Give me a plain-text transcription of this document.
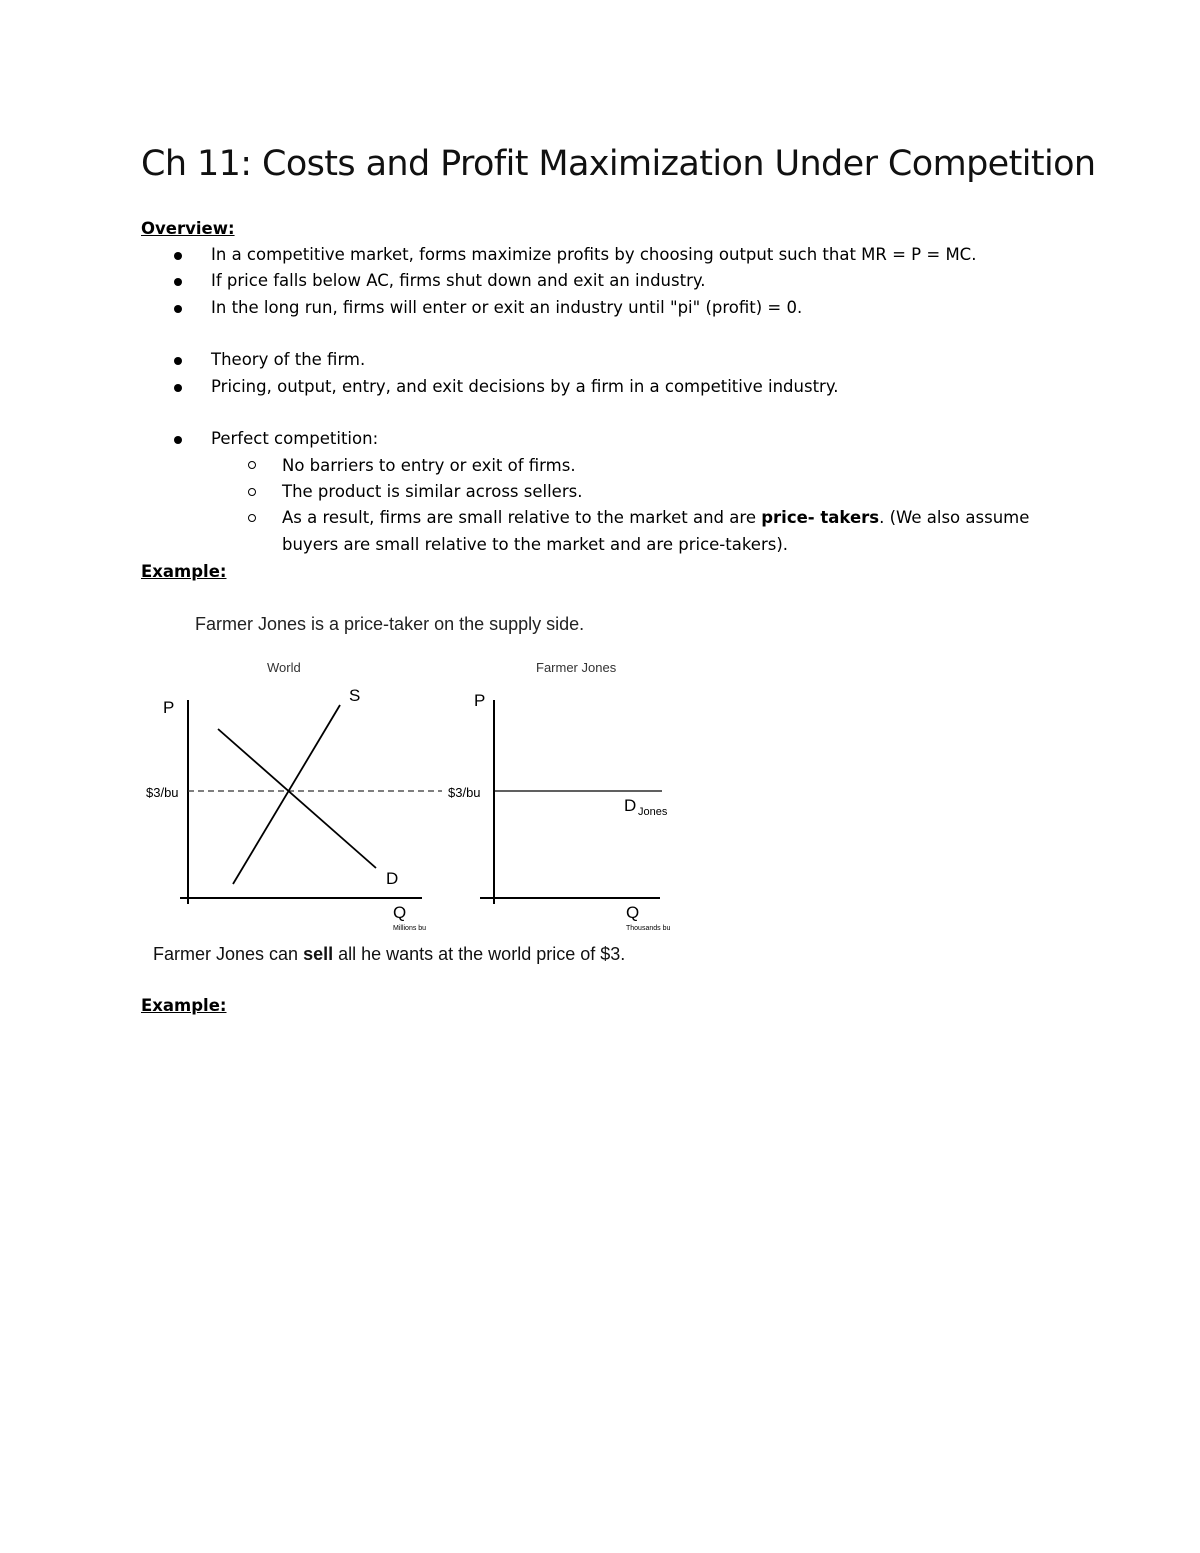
Ch 11: Costs and Profit Maximization Under Competition
Overview:
In a competitive market, forms maximize profits by choosing output such that MR = P = MC.
If price falls below AC, firms shut down and exit an industry.
In the long run, firms will enter or exit an industry until "pi" (profit) = 0.
Theory of the firm.
Pricing, output, entry, and exit decisions by a firm in a competitive industry.
Perfect competition:
No barriers to entry or exit of firms.
The product is similar across sellers.
As a result, firms are small relative to the market and are price- takers. (We also assume
buyers are small relative to the market and are price-takers).
Example:
Farmer Jones is a price-taker on the supply side.
World
P
$3/bu
S
D
Q
Millions bu
Farmer Jones
P
$3/bu
D Jones
Q
Thousands bu
Farmer Jones can sell all he wants at the world price of $3.
Example:
